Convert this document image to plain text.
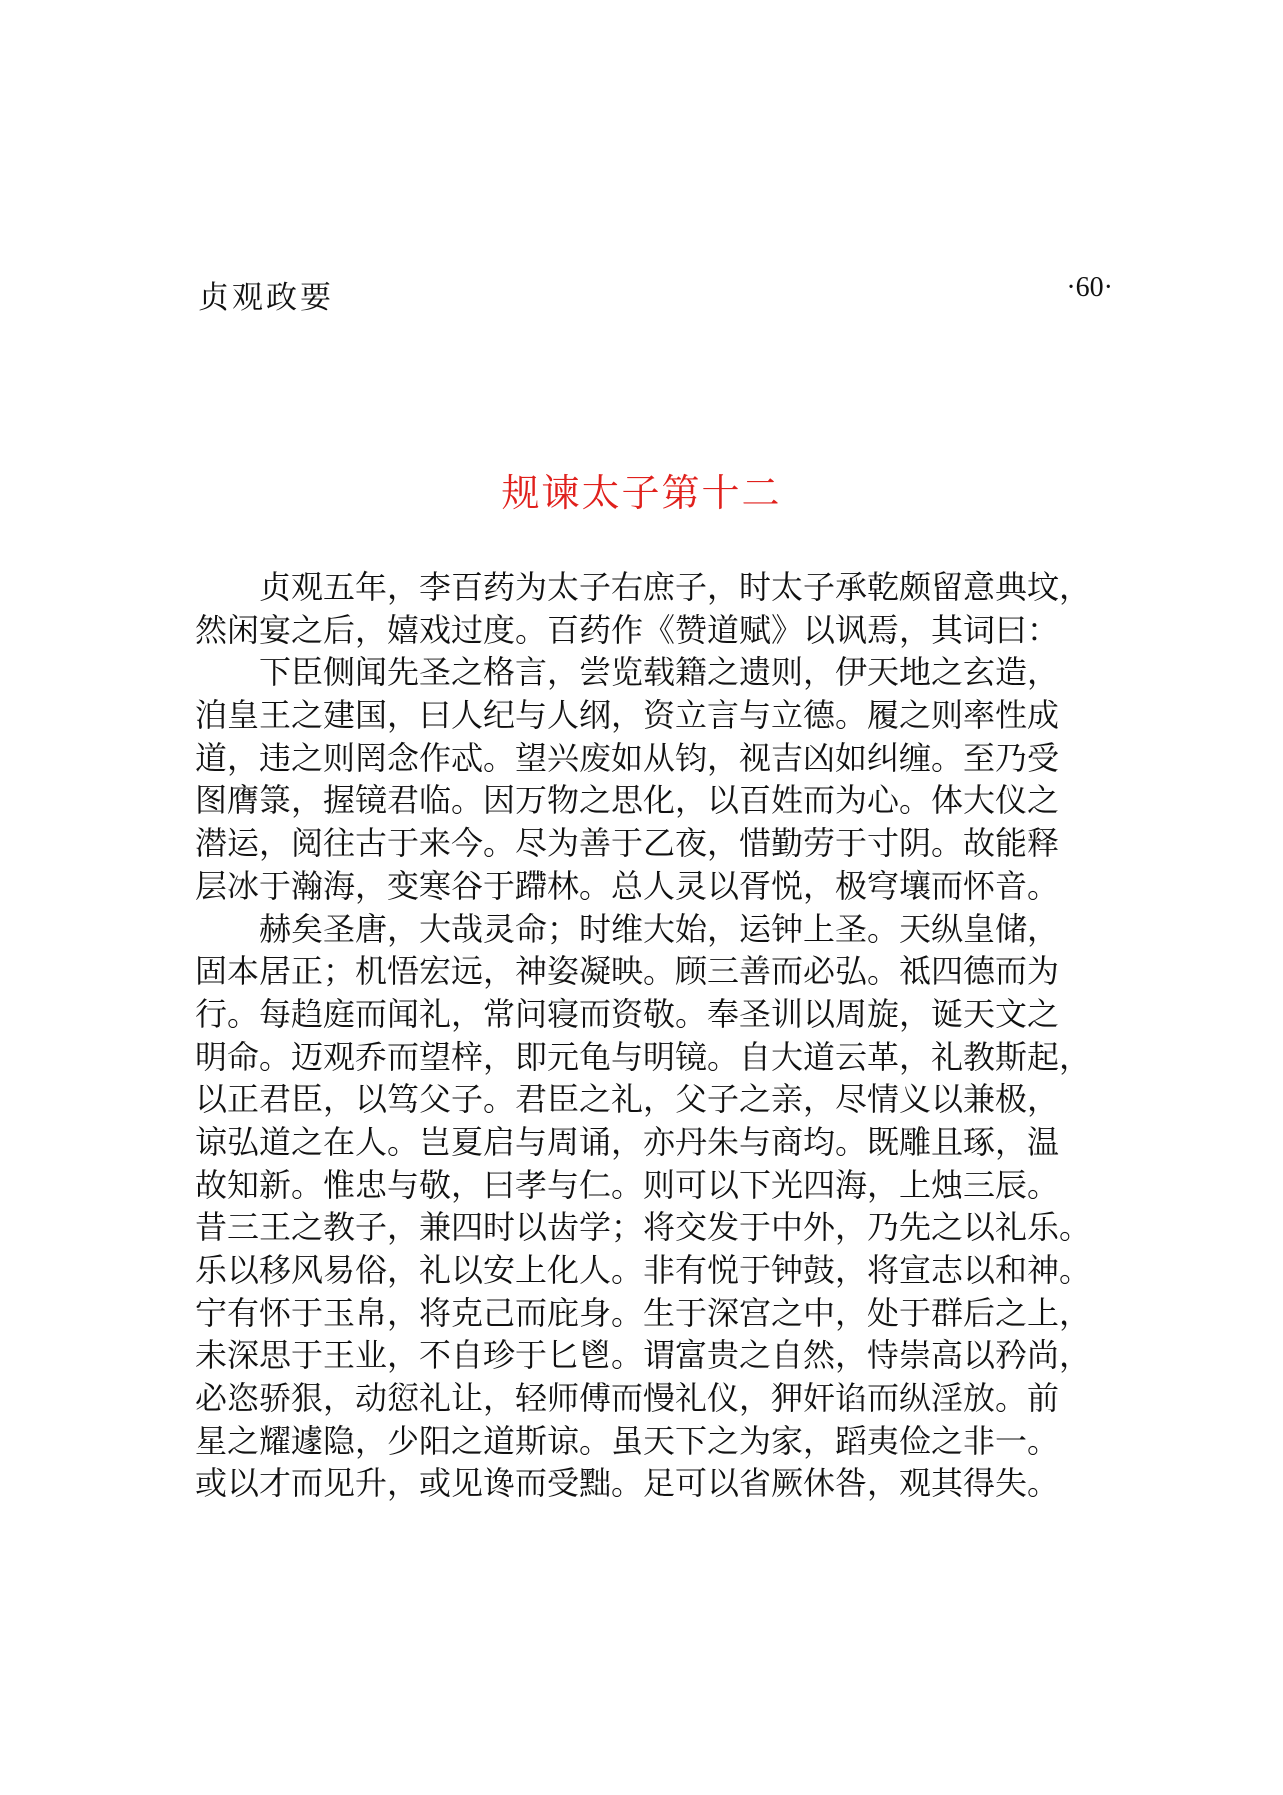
贞观政要	·60·
规谏太子第十二
贞观五年，李百药为太子右庶子，时太子承乾颇留意典坟，
然闲宴之后，嬉戏过度。百药作《赞道赋》以讽焉，其词曰：
下臣侧闻先圣之格言，尝览载籍之遗则，伊天地之玄造，
洎皇王之建国，曰人纪与人纲，资立言与立德。履之则率性成
道，违之则罔念作忒。望兴废如从钧，视吉凶如纠缠。至乃受
图膺箓，握镜君临。因万物之思化，以百姓而为心。体大仪之
潜运，阅往古于来今。尽为善于乙夜，惜勤劳于寸阴。故能释
层冰于瀚海，变寒谷于蹛林。总人灵以胥悦，极穹壤而怀音。
赫矣圣唐，大哉灵命；时维大始，运钟上圣。天纵皇储，
固本居正；机悟宏远，神姿凝映。顾三善而必弘。祗四德而为
行。每趋庭而闻礼，常问寝而资敬。奉圣训以周旋，诞天文之
明命。迈观乔而望梓，即元龟与明镜。自大道云革，礼教斯起，
以正君臣，以笃父子。君臣之礼，父子之亲，尽情义以兼极，
谅弘道之在人。岂夏启与周诵，亦丹朱与商均。既雕且琢，温
故知新。惟忠与敬，曰孝与仁。则可以下光四海，上烛三辰。
昔三王之教子，兼四时以齿学；将交发于中外，乃先之以礼乐。
乐以移风易俗，礼以安上化人。非有悦于钟鼓，将宣志以和神。
宁有怀于玉帛，将克己而庇身。生于深宫之中，处于群后之上，
未深思于王业，不自珍于匕鬯。谓富贵之自然，恃崇高以矜尚，
必恣骄狠，动愆礼让，轻师傅而慢礼仪，狎奸谄而纵淫放。前
星之耀遽隐，少阳之道斯谅。虽天下之为家，蹈夷俭之非一。
或以才而见升，或见谗而受黜。足可以省厥休咎，观其得失。
